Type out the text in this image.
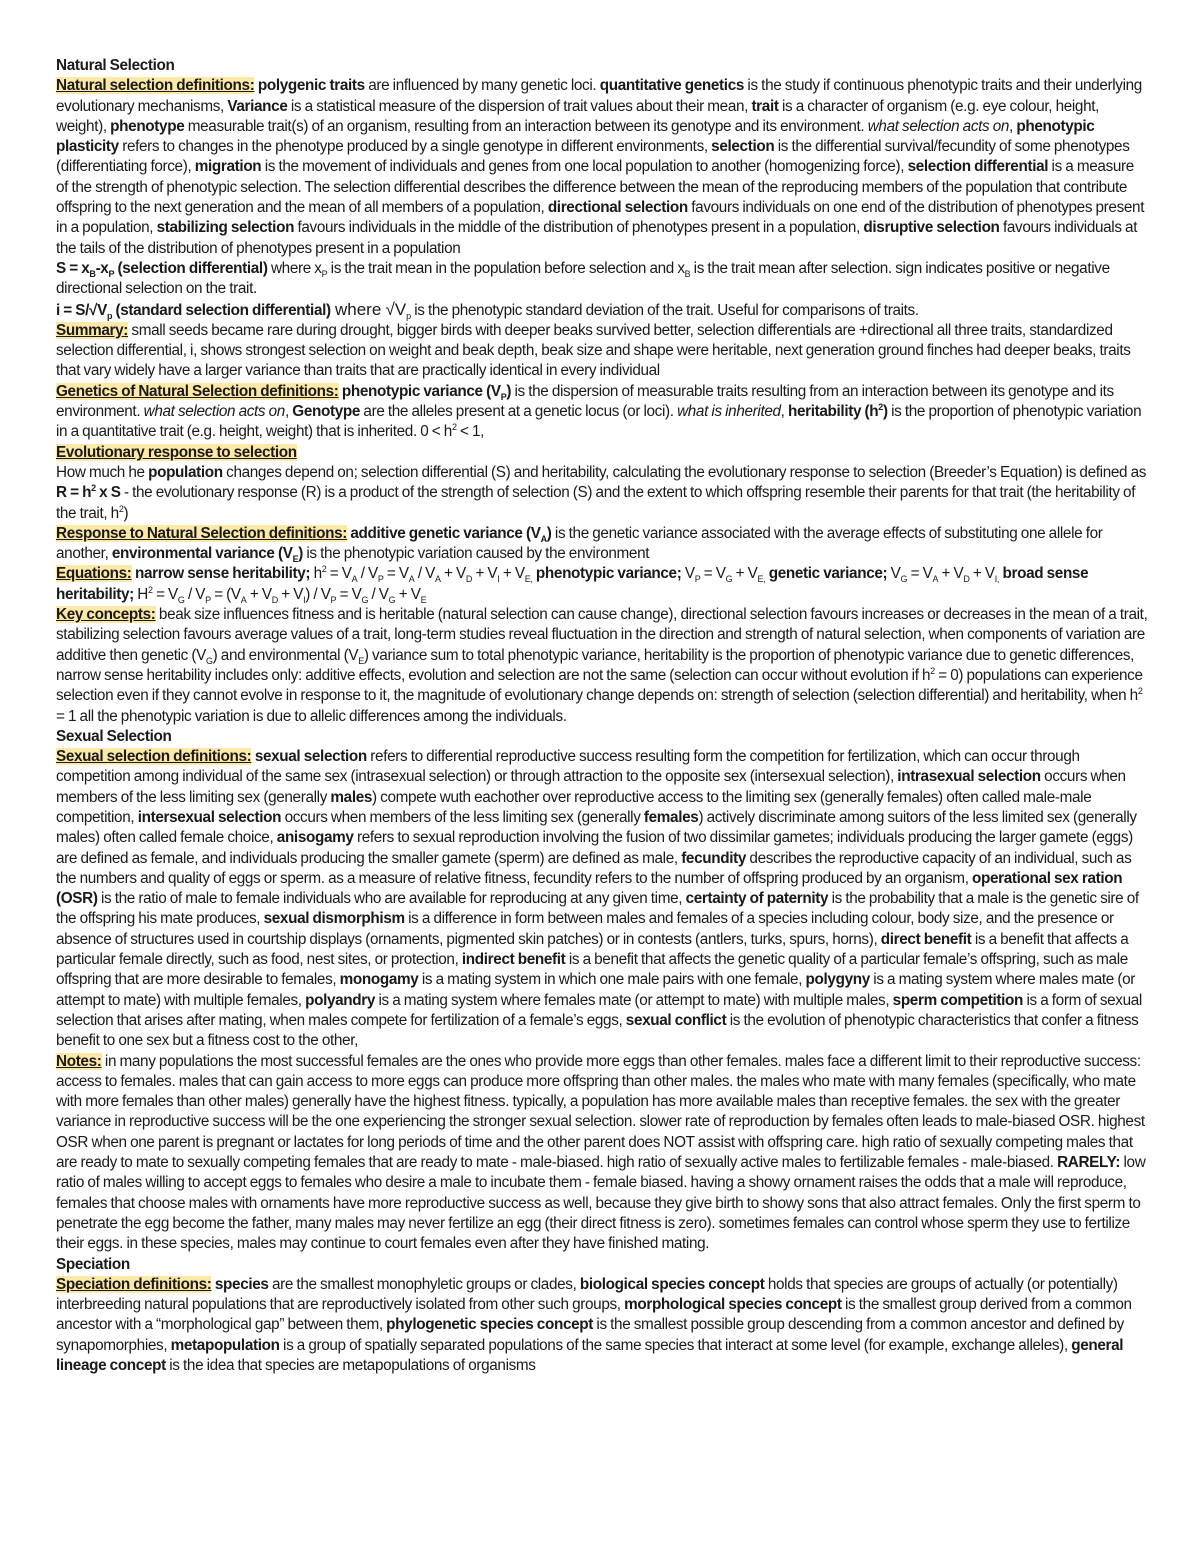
Natural Selection

Natural selection definitions: polygenic traits are influenced by many genetic loci. quantitative genetics is the study if continuous phenotypic traits and their underlying evolutionary mechanisms, Variance is a statistical measure of the dispersion of trait values about their mean, trait is a character of organism (e.g. eye colour, height, weight), phenotype measurable trait(s) of an organism, resulting from an interaction between its genotype and its environment. what selection acts on, phenotypic plasticity refers to changes in the phenotype produced by a single genotype in different environments, selection is the differential survival/fecundity of some phenotypes (differentiating force), migration is the movement of individuals and genes from one local population to another (homogenizing force), selection differential is a measure of the strength of phenotypic selection. The selection differential describes the difference between the mean of the reproducing members of the population that contribute offspring to the next generation and the mean of all members of a population, directional selection favours individuals on one end of the distribution of phenotypes present in a population, stabilizing selection favours individuals in the middle of the distribution of phenotypes present in a population, disruptive selection favours individuals at the tails of the distribution of phenotypes present in a population

$S = x_B-x_P$ (selection differential) where $x_P$ is the trait mean in the population before selection and $x_B$ is the trait mean after selection. sign indicates positive or negative directional selection on the trait.

$i = S/√V_p$ (standard selection differential) where $√V_p$ is the phenotypic standard deviation of the trait. Useful for comparisons of traits.

Summary: small seeds became rare during drought, bigger birds with deeper beaks survived better, selection differentials are +directional all three traits, standardized selection differential, i, shows strongest selection on weight and beak depth, beak size and shape were heritable, next generation ground finches had deeper beaks, traits that vary widely have a larger variance than traits that are practically identical in every individual

Genetics of Natural Selection definitions: phenotypic variance $(V_P)$ is the dispersion of measurable traits resulting from an interaction between its genotype and its environment. what selection acts on, Genotype are the alleles present at a genetic locus (or loci). what is inherited, heritability $(h^2)$ is the proportion of phenotypic variation in a quantitative trait (e.g. height, weight) that is inherited. $0 < h^2 < 1$,

Evolutionary response to selection

How much he population changes depend on; selection differential (S) and heritability, calculating the evolutionary response to selection (Breeder’s Equation) is defined as $R = h^2$ x S - the evolutionary response (R) is a product of the strength of selection (S) and the extent to which offspring resemble their parents for that trait (the heritability of the trait, $h^2$)

Response to Natural Selection definitions: additive genetic variance $(V_A)$ is the genetic variance associated with the average effects of substituting one allele for another, environmental variance $(V_E)$ is the phenotypic variation caused by the environment

Equations: narrow sense heritability; $h^2 = V_A / V_P = V_A / V_A + V_D + V_I + V_{E,}$ phenotypic variance; $V_P = V_G + V_{E,}$ genetic variance; $V_G = V_A + V_D + V_{I,}$ broad sense heritability; $H^2 = V_G / V_P = (V_A + V_D + V_I) / V_P = V_G / V_G + V_E$

Key concepts: beak size influences fitness and is heritable (natural selection can cause change), directional selection favours increases or decreases in the mean of a trait, stabilizing selection favours average values of a trait, long-term studies reveal fluctuation in the direction and strength of natural selection, when components of variation are additive then genetic $(V_G)$ and environmental $(V_E)$ variance sum to total phenotypic variance, heritability is the proportion of phenotypic variance due to genetic differences, narrow sense heritability includes only: additive effects, evolution and selection are not the same (selection can occur without evolution if $h^2 = 0$) populations can experience selection even if they cannot evolve in response to it, the magnitude of evolutionary change depends on: strength of selection (selection differential) and heritability, when $h^2 = 1$ all the phenotypic variation is due to allelic differences among the individuals.

Sexual Selection

Sexual selection definitions: sexual selection refers to differential reproductive success resulting form the competition for fertilization, which can occur through competition among individual of the same sex (intrasexual selection) or through attraction to the opposite sex (intersexual selection), intrasexual selection occurs when members of the less limiting sex (generally males) compete wuth eachother over reproductive access to the limiting sex (generally females) often called male-male competition, intersexual selection occurs when members of the less limiting sex (generally females) actively discriminate among suitors of the less limited sex (generally males) often called female choice, anisogamy refers to sexual reproduction involving the fusion of two dissimilar gametes; individuals producing the larger gamete (eggs) are defined as female, and individuals producing the smaller gamete (sperm) are defined as male, fecundity describes the reproductive capacity of an individual, such as the numbers and quality of eggs or sperm. as a measure of relative fitness, fecundity refers to the number of offspring produced by an organism, operational sex ration (OSR) is the ratio of male to female individuals who are available for reproducing at any given time, certainty of paternity is the probability that a male is the genetic sire of the offspring his mate produces, sexual dismorphism is a difference in form between males and females of a species including colour, body size, and the presence or absence of structures used in courtship displays (ornaments, pigmented skin patches) or in contests (antlers, turks, spurs, horns), direct benefit is a benefit that affects a particular female directly, such as food, nest sites, or protection, indirect benefit is a benefit that affects the genetic quality of a particular female’s offspring, such as male offspring that are more desirable to females, monogamy is a mating system in which one male pairs with one female, polygyny is a mating system where males mate (or attempt to mate) with multiple females, polyandry is a mating system where females mate (or attempt to mate) with multiple males, sperm competition is a form of sexual selection that arises after mating, when males compete for fertilization of a female’s eggs, sexual conflict is the evolution of phenotypic characteristics that confer a fitness benefit to one sex but a fitness cost to the other,

Notes: in many populations the most successful females are the ones who provide more eggs than other females. males face a different limit to their reproductive success: access to females. males that can gain access to more eggs can produce more offspring than other males. the males who mate with many females (specifically, who mate with more females than other males) generally have the highest fitness. typically, a population has more available males than receptive females. the sex with the greater variance in reproductive success will be the one experiencing the stronger sexual selection. slower rate of reproduction by females often leads to male-biased OSR. highest OSR when one parent is pregnant or lactates for long periods of time and the other parent does NOT assist with offspring care. high ratio of sexually competing males that are ready to mate to sexually competing females that are ready to mate - male-biased. high ratio of sexually active males to fertilizable females - male-biased. RARELY: low ratio of males willing to accept eggs to females who desire a male to incubate them - female biased. having a showy ornament raises the odds that a male will reproduce, females that choose males with ornaments have more reproductive success as well, because they give birth to showy sons that also attract females. Only the first sperm to penetrate the egg become the father, many males may never fertilize an egg (their direct fitness is zero). sometimes females can control whose sperm they use to fertilize their eggs. in these species, males may continue to court females even after they have finished mating.

Speciation

Speciation definitions: species are the smallest monophyletic groups or clades, biological species concept holds that species are groups of actually (or potentially) interbreeding natural populations that are reproductively isolated from other such groups, morphological species concept is the smallest group derived from a common ancestor with a “morphological gap” between them, phylogenetic species concept is the smallest possible group descending from a common ancestor and defined by synapomorphies, metapopulation is a group of spatially separated populations of the same species that interact at some level (for example, exchange alleles), general lineage concept is the idea that species are metapopulations of organisms
